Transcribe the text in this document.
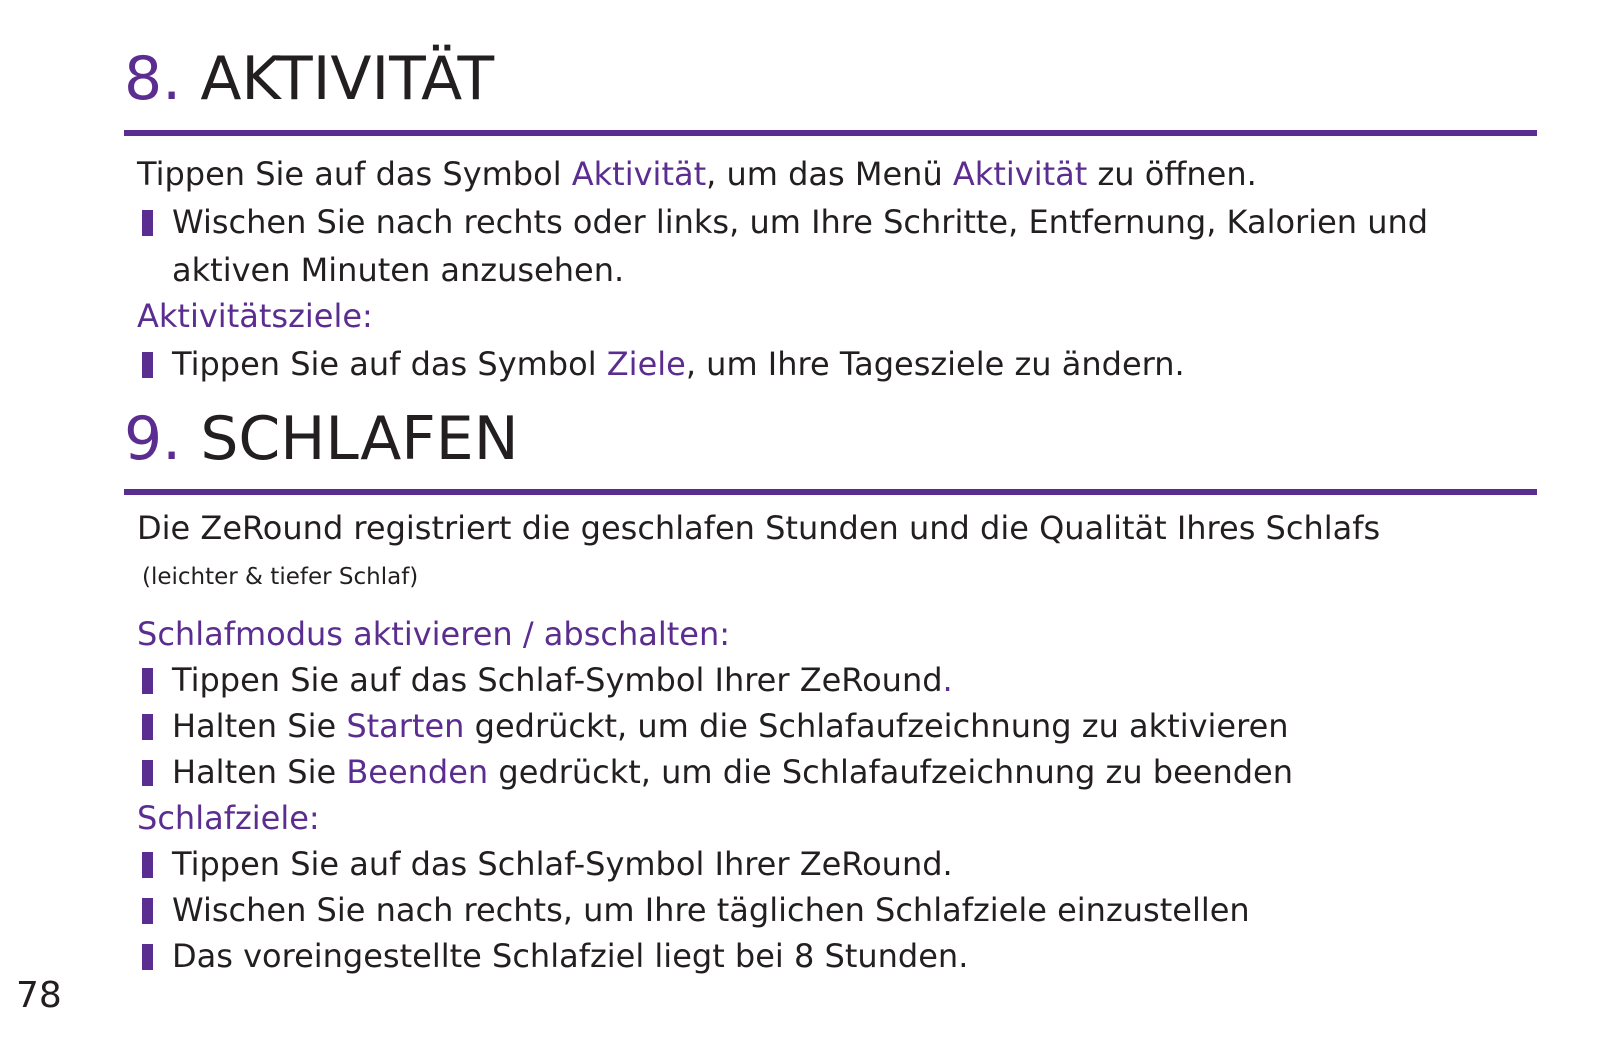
8. AKTIVITÄT

Tippen Sie auf das Symbol Aktivität, um das Menü Aktivität zu öffnen.

Wischen Sie nach rechts oder links, um Ihre Schritte, Entfernung, Kalorien und aktiven Minuten anzusehen.

Aktivitätsziele:

Tippen Sie auf das Symbol Ziele, um Ihre Tagesziele zu ändern.
9. SCHLAFEN

Die ZeRound registriert die geschlafen Stunden und die Qualität Ihres Schlafs

(leichter & tiefer Schlaf)

Schlafmodus aktivieren / abschalten:

Tippen Sie auf das Schlaf-Symbol Ihrer ZeRound.
Halten Sie Starten gedrückt, um die Schlafaufzeichnung zu aktivieren
Halten Sie Beenden gedrückt, um die Schlafaufzeichnung zu beenden

Schlafziele:

Tippen Sie auf das Schlaf-Symbol Ihrer ZeRound.
Wischen Sie nach rechts, um Ihre täglichen Schlafziele einzustellen
Das voreingestellte Schlafziel liegt bei 8 Stunden.

78
